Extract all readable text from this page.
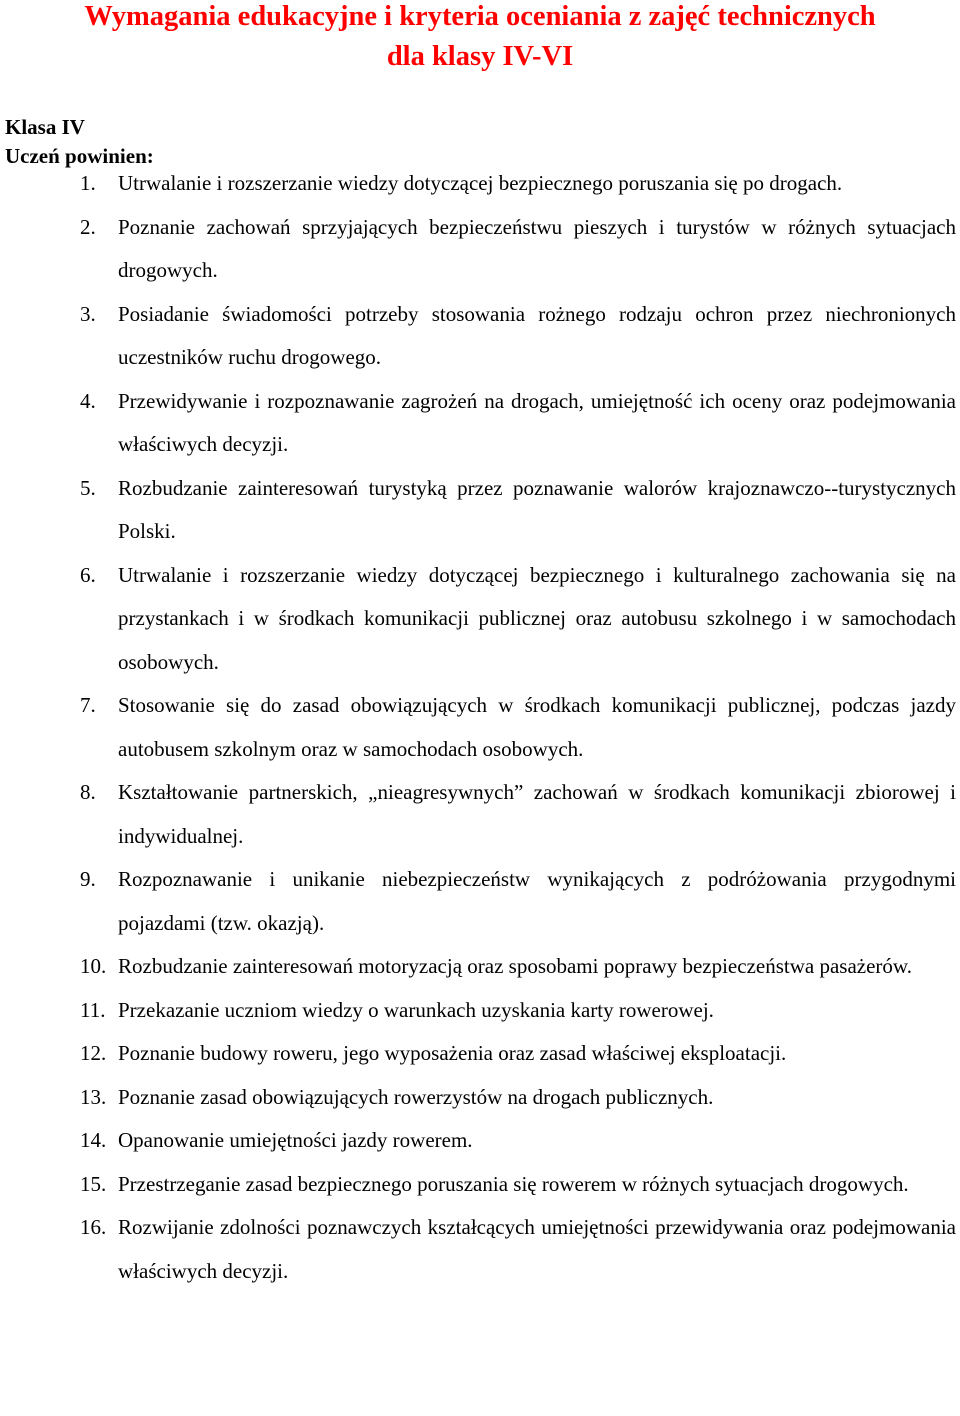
Wymagania edukacyjne i kryteria oceniania z zajęć technicznych
dla klasy IV-VI

Klasa IV

Uczeń powinien:

1.	Utrwalanie i rozszerzanie wiedzy dotyczącej bezpiecznego poruszania się po drogach.
2.	Poznanie zachowań sprzyjających bezpieczeństwu pieszych i turystów w różnych sytuacjach drogowych.
3.	Posiadanie świadomości potrzeby stosowania rożnego rodzaju ochron przez niechronionych uczestników ruchu drogowego.
4.	Przewidywanie i rozpoznawanie zagrożeń na drogach, umiejętność ich oceny oraz podejmowania właściwych decyzji.
5.	Rozbudzanie zainteresowań turystyką przez poznawanie walorów krajoznawczo--turystycznych Polski.
6.	Utrwalanie i rozszerzanie wiedzy dotyczącej bezpiecznego i kulturalnego zachowania się na przystankach i w środkach komunikacji publicznej oraz autobusu szkolnego i w samochodach osobowych.
7.	Stosowanie się do zasad obowiązujących w środkach komunikacji publicznej, podczas jazdy autobusem szkolnym oraz w samochodach osobowych.
8.	Kształtowanie partnerskich, „nieagresywnych” zachowań w środkach komunikacji zbiorowej i indywidualnej.
9.	Rozpoznawanie i unikanie niebezpieczeństw wynikających z podróżowania przygodnymi pojazdami (tzw. okazją).
10. Rozbudzanie zainteresowań motoryzacją oraz sposobami poprawy bezpieczeństwa pasażerów.
11. Przekazanie uczniom wiedzy o warunkach uzyskania karty rowerowej.
12. Poznanie budowy roweru, jego wyposażenia oraz zasad właściwej eksploatacji.
13. Poznanie zasad obowiązujących rowerzystów na drogach publicznych.
14. Opanowanie umiejętności jazdy rowerem.
15. Przestrzeganie zasad bezpiecznego poruszania się rowerem w różnych sytuacjach drogowych.
16. Rozwijanie zdolności poznawczych kształcących umiejętności przewidywania oraz podejmowania właściwych decyzji.
